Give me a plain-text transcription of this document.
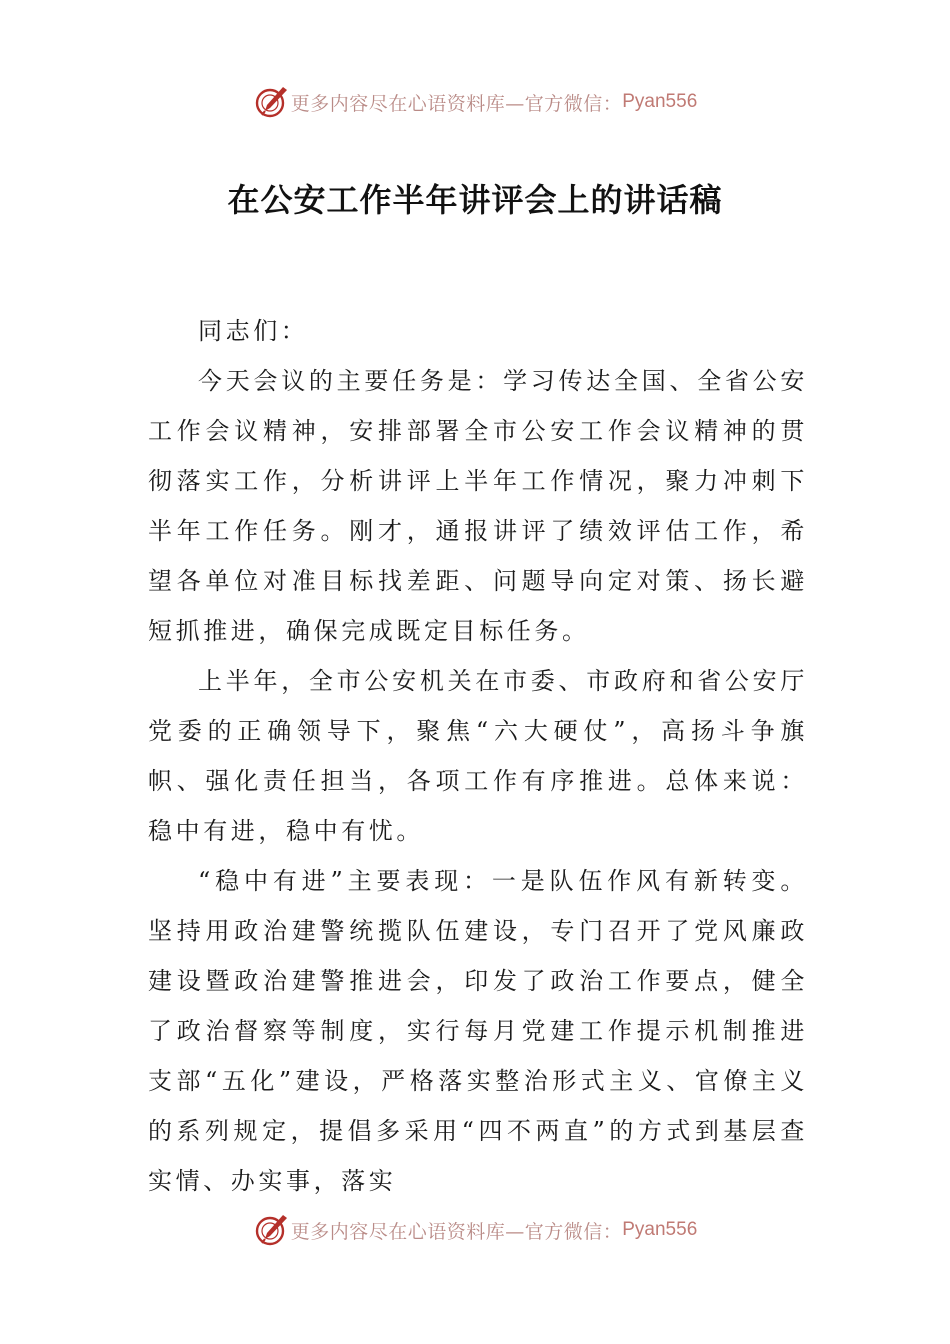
更多内容尽在心语资料库—官方微信： Pyan556
在公安工作半年讲评会上的讲话稿

同志们：

今天会议的主要任务是：学习传达全国、全省公安工作会议精神，安排部署全市公安工作会议精神的贯彻落实工作，分析讲评上半年工作情况，聚力冲刺下半年工作任务。刚才，通报讲评了绩效评估工作，希望各单位对准目标找差距、问题导向定对策、扬长避短抓推进，确保完成既定目标任务。

上半年，全市公安机关在市委、市政府和省公安厅党委的正确领导下，聚焦“六大硬仗”，高扬斗争旗帜、强化责任担当，各项工作有序推进。总体来说：稳中有进，稳中有忧。

“稳中有进”主要表现：一是队伍作风有新转变。坚持用政治建警统揽队伍建设，专门召开了党风廉政建设暨政治建警推进会，印发了政治工作要点，健全了政治督察等制度，实行每月党建工作提示机制推进支部“五化”建设，严格落实整治形式主义、官僚主义的系列规定，提倡多采用“四不两直”的方式到基层查实情、办实事，落实

更多内容尽在心语资料库—官方微信： Pyan556
